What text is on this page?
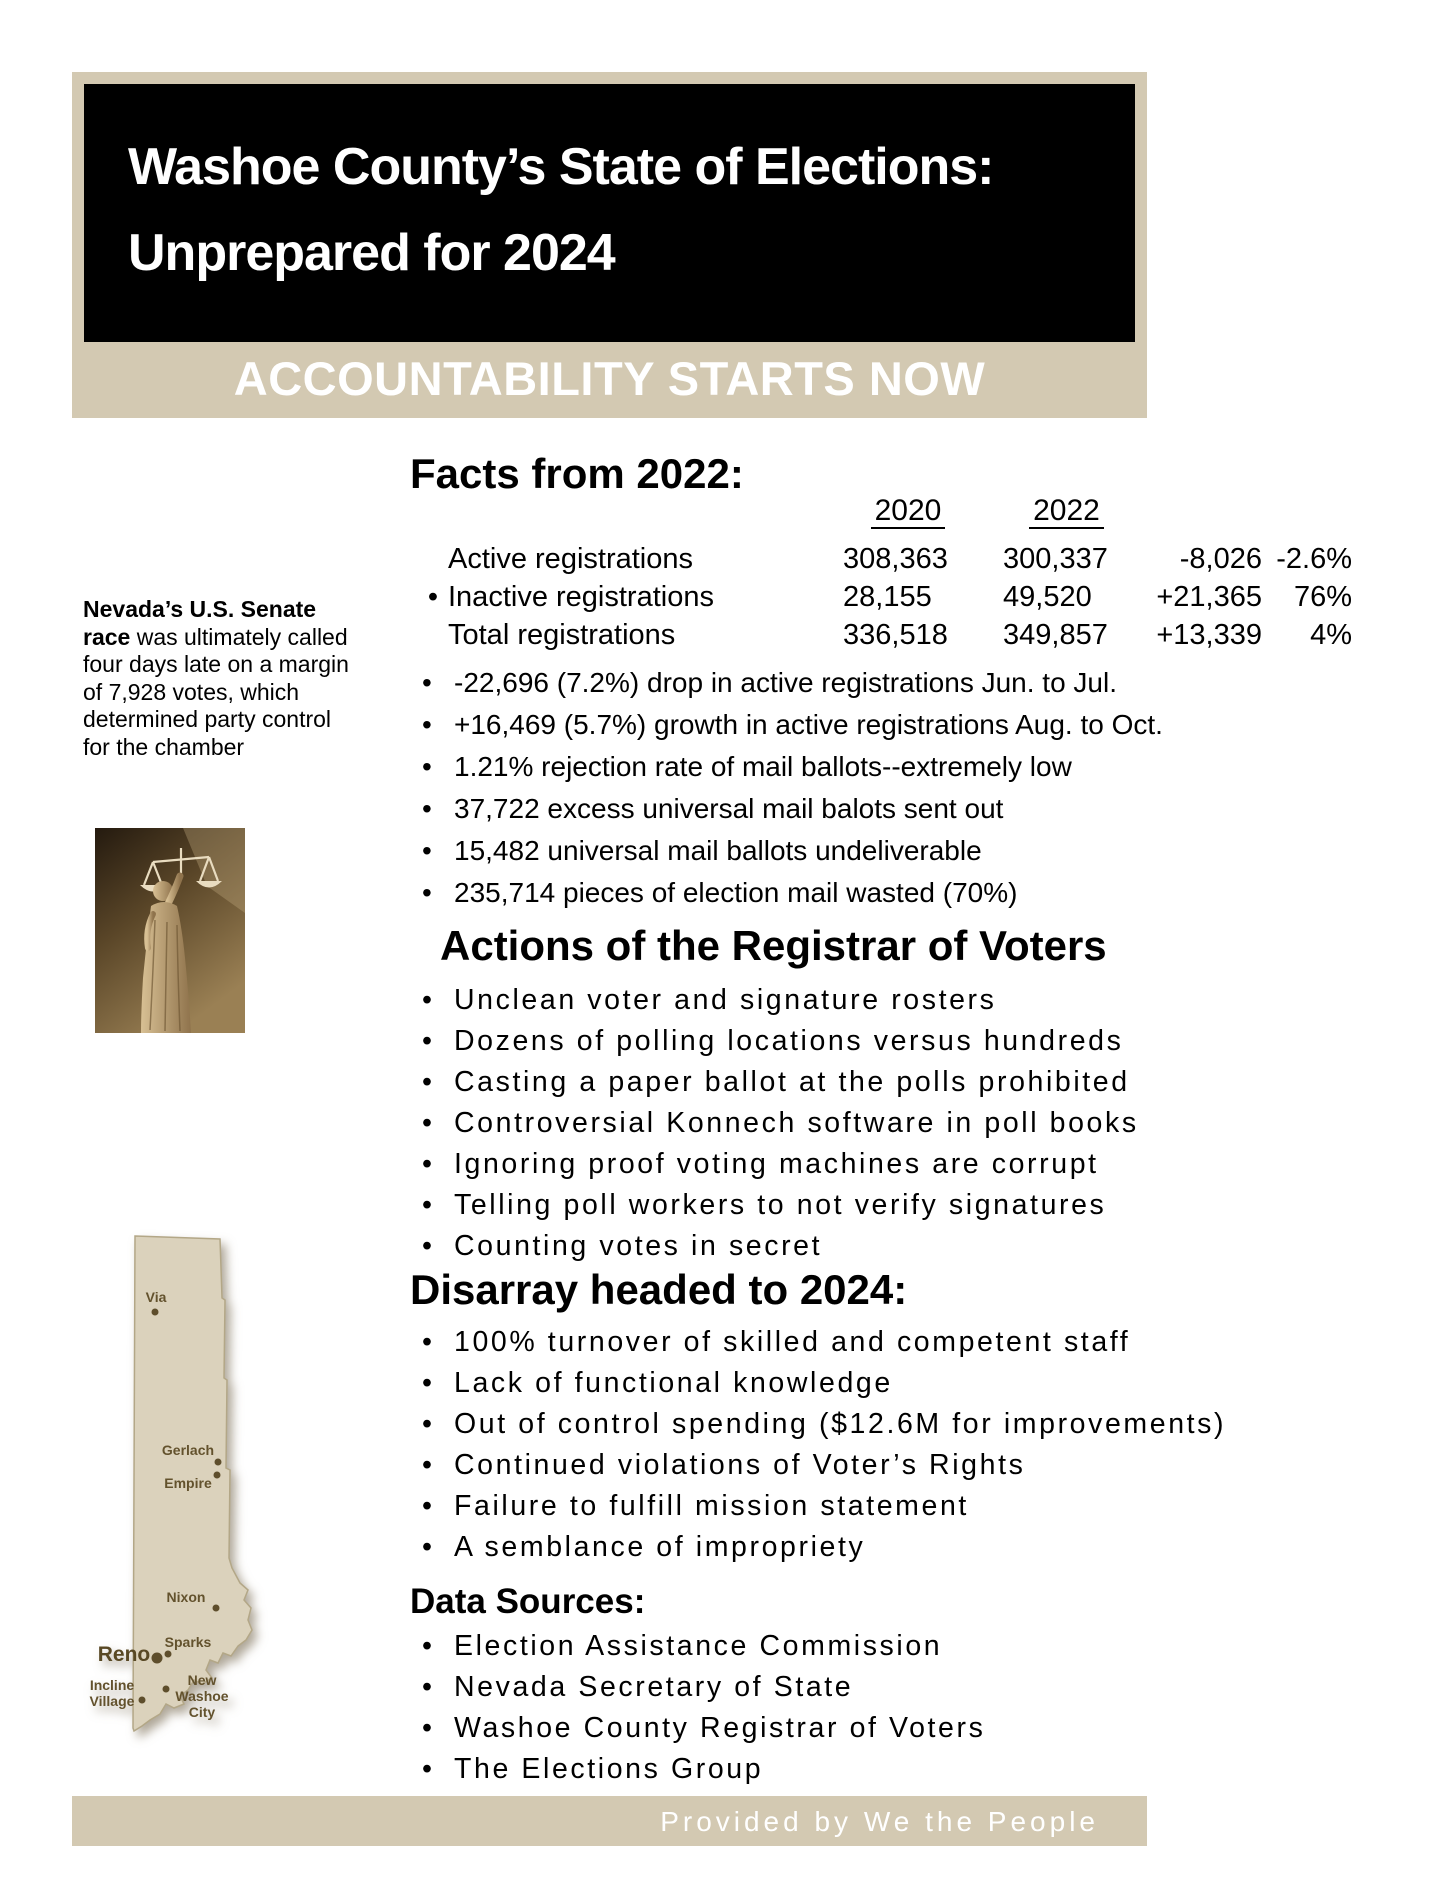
Washoe County’s State of Elections:
Unprepared for 2024
ACCOUNTABILITY STARTS NOW
Nevada’s U.S. Senate race was ultimately called four days late on a margin of 7,928 votes, which determined party control for the chamber
Facts from 2022:
2020	2022
Active registrations	308,363	300,337	-8,026 -2.6%
• Inactive registrations	28,155	49,520	+21,365	76%
Total registrations	336,518	349,857	+13,339	4%
• -22,696 (7.2%) drop in active registrations Jun. to Jul.
• +16,469 (5.7%) growth in active registrations Aug. to Oct.
• 1.21% rejection rate of mail ballots--extremely low
• 37,722 excess universal mail balots sent out
• 15,482 universal mail ballots undeliverable
• 235,714 pieces of election mail wasted (70%)
Actions of the Registrar of Voters
• Unclean voter and signature rosters
• Dozens of polling locations versus hundreds
• Casting a paper ballot at the polls prohibited
• Controversial Konnech software in poll books
• Ignoring proof voting machines are corrupt
• Telling poll workers to not verify signatures
• Counting votes in secret
Disarray headed to 2024:
• 100% turnover of skilled and competent staff
• Lack of functional knowledge
• Out of control spending ($12.6M for improvements)
• Continued violations of Voter’s Rights
• Failure to fulfill mission statement
• A semblance of impropriety
Data Sources:
• Election Assistance Commission
• Nevada Secretary of State
• Washoe County Registrar of Voters
• The Elections Group
Via
Gerlach
Empire
Nixon
Sparks
Reno
Incline
Village
New
Washoe
City
Provided by We the People
